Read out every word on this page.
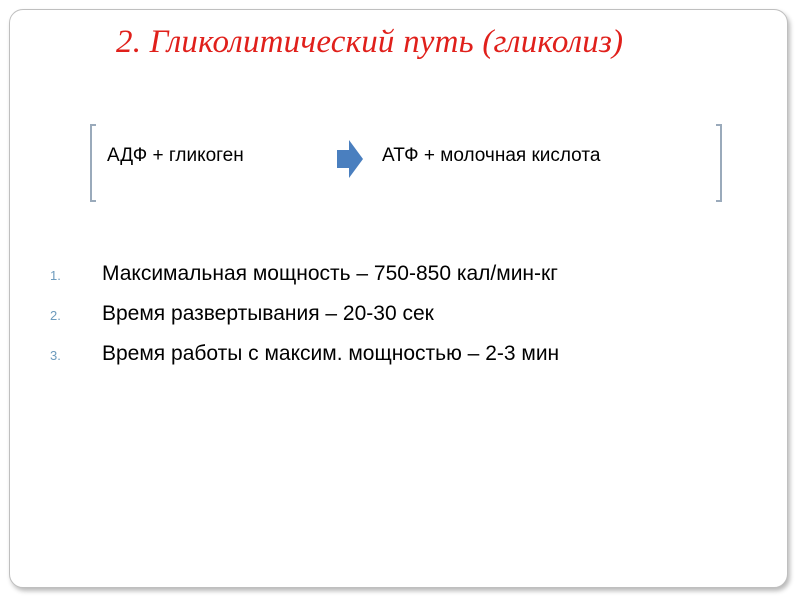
2. Гликолитический путь (гликолиз)
АДФ + гликоген	АТФ + молочная кислота
1. Максимальная мощность – 750-850 кал/мин-кг
2. Время развертывания – 20-30 сек
3. Время работы с максим. мощностью – 2-3 мин
